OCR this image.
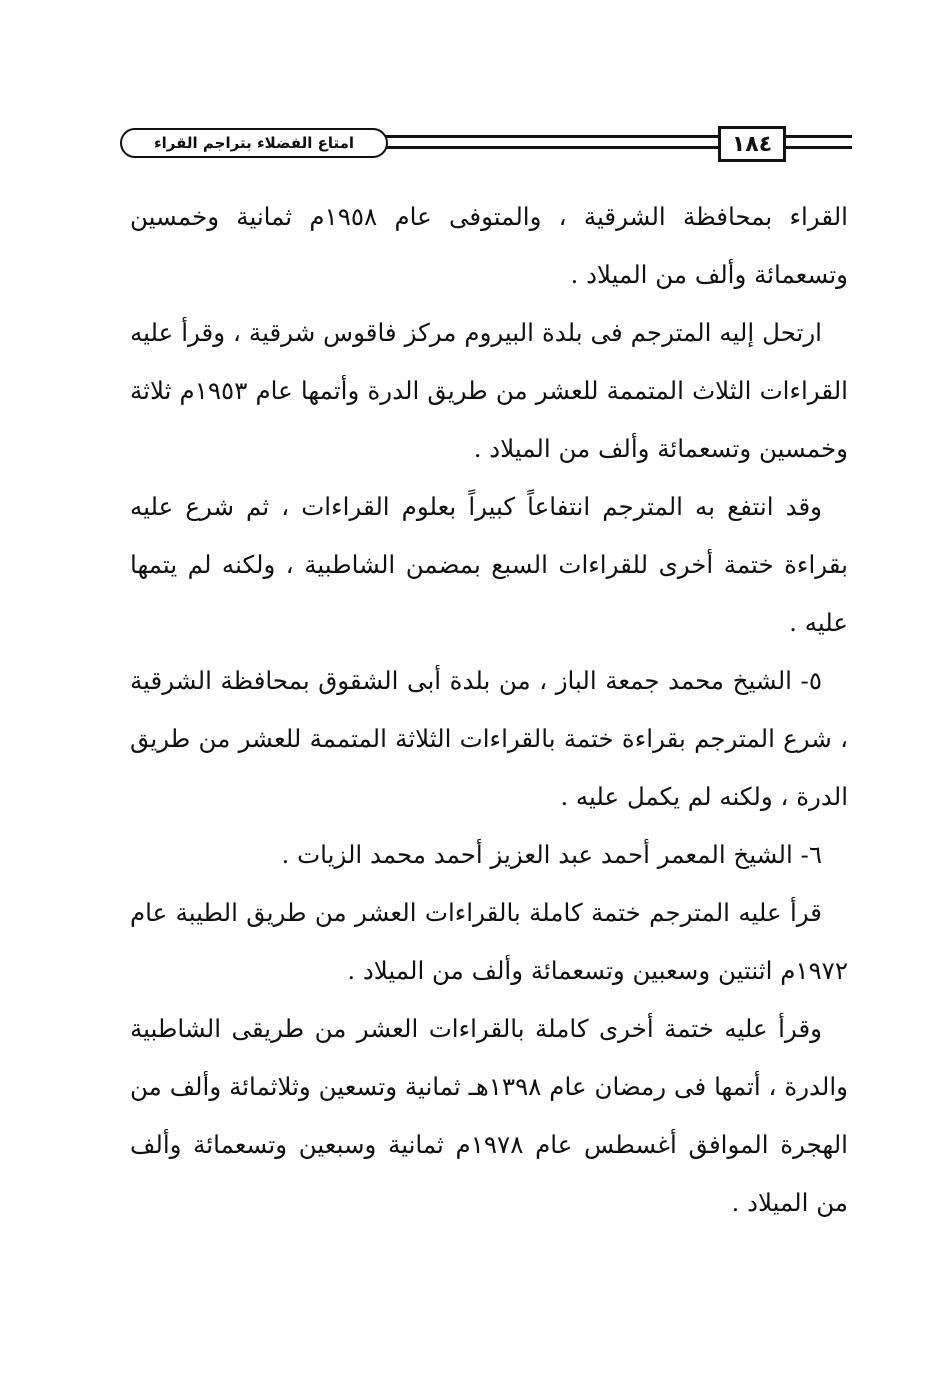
امتاع الفضلاء بتراجم القراء	١٨٤

القراء بمحافظة الشرقية ، والمتوفى عام ١٩٥٨م ثمانية وخمسين وتسعمائة وألف من الميلاد .

ارتحل إليه المترجم فى بلدة البيروم مركز فاقوس شرقية ، وقرأ عليه القراءات الثلاث المتممة للعشر من طريق الدرة وأتمها عام ١٩٥٣م ثلاثة وخمسين وتسعمائة وألف من الميلاد .

وقد انتفع به المترجم انتفاعاً كبيراً بعلوم القراءات ، ثم شرع عليه بقراءة ختمة أخرى للقراءات السبع بمضمن الشاطبية ، ولكنه لم يتمها عليه .

٥- الشيخ محمد جمعة الباز ، من بلدة أبى الشقوق بمحافظة الشرقية ، شرع المترجم بقراءة ختمة بالقراءات الثلاثة المتممة للعشر من طريق الدرة ، ولكنه لم يكمل عليه .

٦- الشيخ المعمر أحمد عبد العزيز أحمد محمد الزيات .

قرأ عليه المترجم ختمة كاملة بالقراءات العشر من طريق الطيبة عام ١٩٧٢م اثنتين وسعبين وتسعمائة وألف من الميلاد .

وقرأ عليه ختمة أخرى كاملة بالقراءات العشر من طريقى الشاطبية والدرة ، أتمها فى رمضان عام ١٣٩٨هـ ثمانية وتسعين وثلاثمائة وألف من الهجرة الموافق أغسطس عام ١٩٧٨م ثمانية وسبعين وتسعمائة وألف من الميلاد .
